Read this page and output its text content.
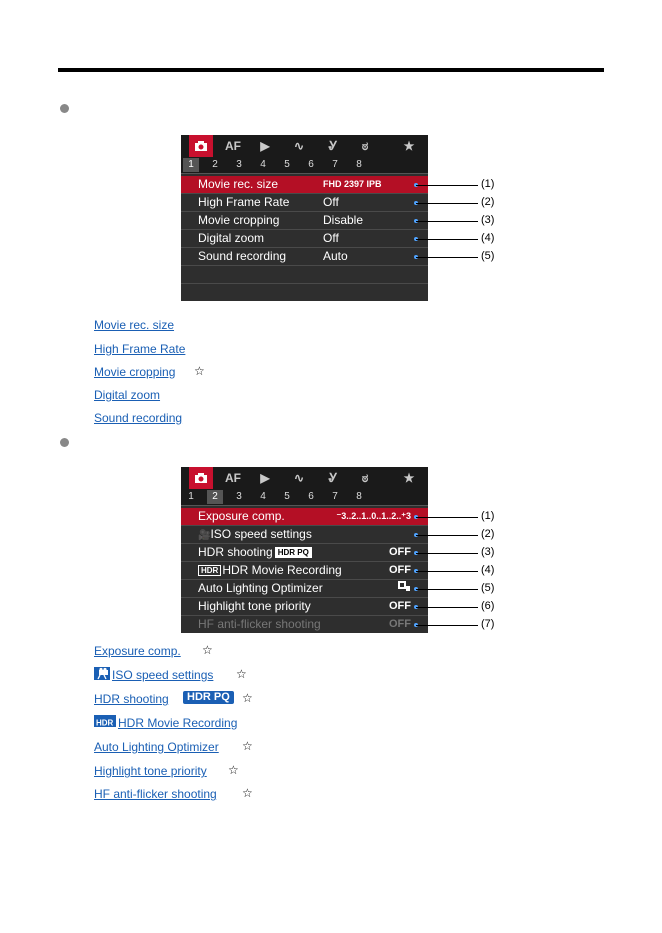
AF	▶	∿	Ꮍ	ಠ	★
1	2	3	4	5	6	7	8
Movie rec. size	FHD 2397 IPB
High Frame Rate	Off
Movie cropping	Disable
Digital zoom	Off
Sound recording	Auto
(1)
(2)
(3)
(4)
(5)
Movie rec. size
High Frame Rate
Movie cropping ☆
Digital zoom
Sound recording
AF	▶	∿	Ꮍ	ಠ	★
1	2	3	4	5	6	7	8
Exposure comp.	⁻3..2..1..0..1..2..⁺3
🎥ISO speed settings
HDR shooting HDR PQ	OFF
HDR HDR Movie Recording	OFF
Auto Lighting Optimizer
Highlight tone priority	OFF
HF anti-flicker shooting	OFF
(1)
(2)
(3)
(4)
(5)
(6)
(7)
Exposure comp. ☆
ISO speed settings ☆
HDR shooting	HDR PQ	☆
HDR HDR Movie Recording
Auto Lighting Optimizer ☆
Highlight tone priority ☆
HF anti-flicker shooting ☆
